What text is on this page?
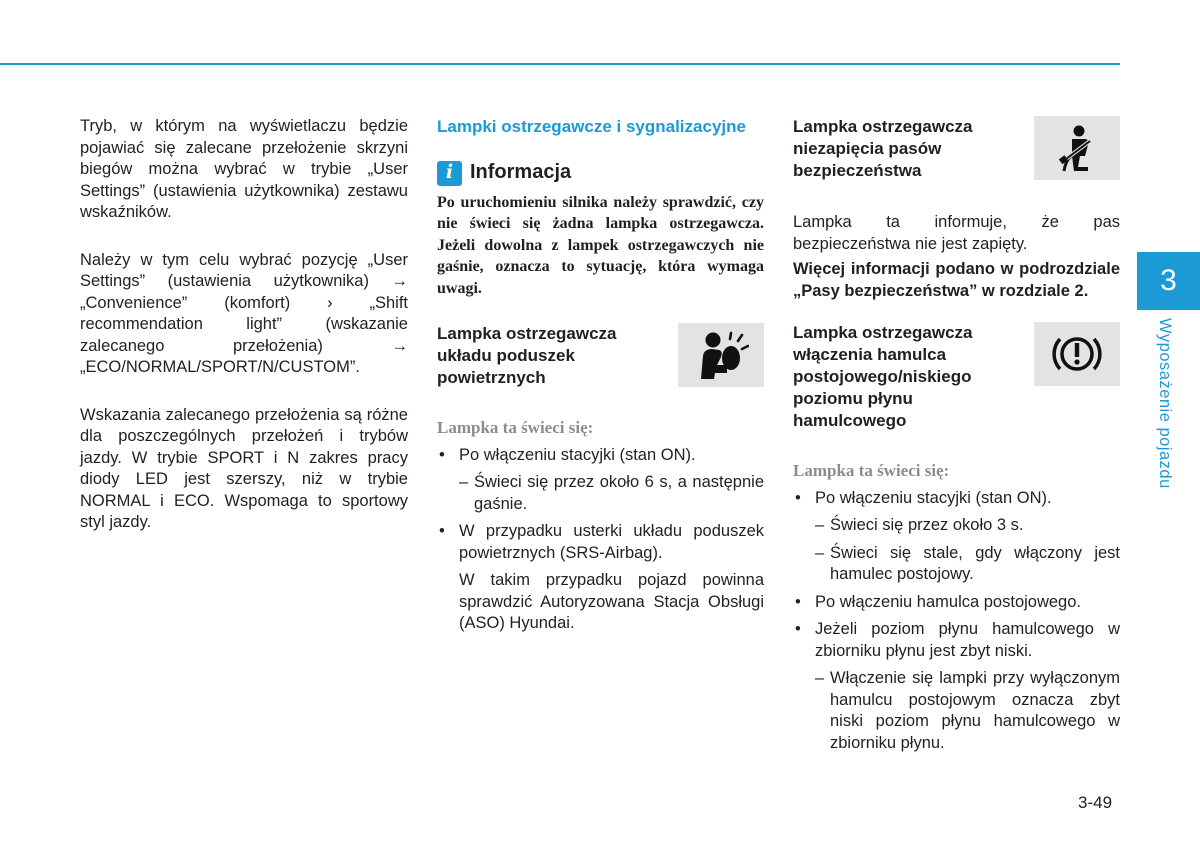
Tryb, w którym na wyświetlaczu będzie pojawiać się zalecane przełożenie skrzyni biegów można wybrać w trybie „User Settings” (ustawienia użytkownika) zestawu wskaźników.

Należy w tym celu wybrać pozycję „User Settings” (ustawienia użytkownika) → „Convenience” (komfort) › „Shift recommendation light” (wskazanie zalecanego przełożenia) → „ECO/NORMAL/SPORT/N/CUSTOM”.

Wskazania zalecanego przełożenia są różne dla poszczególnych przełożeń i trybów jazdy. W trybie SPORT i N zakres pracy diody LED jest szerszy, niż w trybie NORMAL i ECO. Wspomaga to sportowy styl jazdy.

Lampki ostrzegawcze i sygnalizacyjne
i Informacja

Po uruchomieniu silnika należy sprawdzić, czy nie świeci się żadna lampka ostrzegawcza. Jeżeli dowolna z lampek ostrzegawczych nie gaśnie, oznacza to sytuację, która wymaga uwagi.

Lampka ostrzegawcza układu poduszek powietrznych

Lampka ta świeci się:

• Po włączeniu stacyjki (stan ON).

– Świeci się przez około 6 s, a następnie gaśnie.

• W przypadku usterki układu poduszek powietrznych (SRS-Airbag).

W takim przypadku pojazd powinna sprawdzić Autoryzowana Stacja Obsługi (ASO) Hyundai.

Lampka ostrzegawcza niezapięcia pasów bezpieczeństwa

Lampka ta informuje, że pas bezpieczeństwa nie jest zapięty.

Więcej informacji podano w podrozdziale „Pasy bezpieczeństwa” w rozdziale 2.

Lampka ostrzegawcza włączenia hamulca postojowego/niskiego poziomu płynu hamulcowego

Lampka ta świeci się:

• Po włączeniu stacyjki (stan ON).

– Świeci się przez około 3 s.

– Świeci się stale, gdy włączony jest hamulec postojowy.

• Po włączeniu hamulca postojowego.

• Jeżeli poziom płynu hamulcowego w zbiorniku płynu jest zbyt niski.

– Włączenie się lampki przy wyłączonym hamulcu postojowym oznacza zbyt niski poziom płynu hamulcowego w zbiorniku płynu.

3
Wyposażenie pojazdu
3-49
